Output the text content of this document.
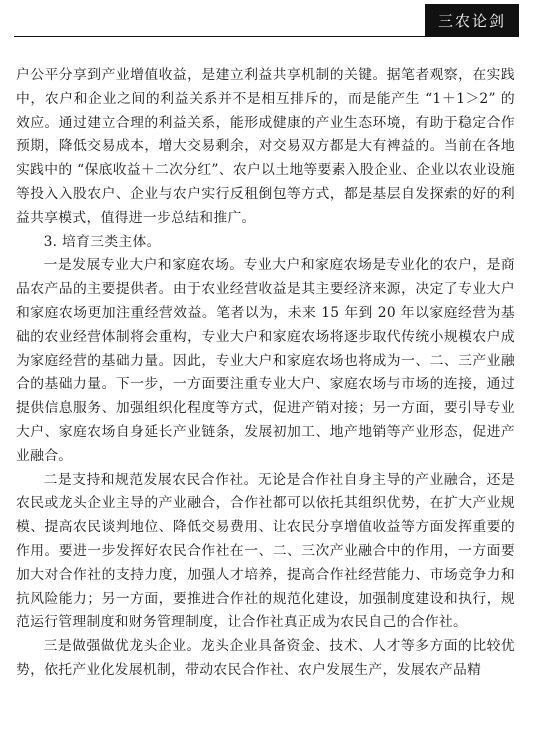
三农论剑

户公平分享到产业增值收益，是建立利益共享机制的关键。据笔者观察，在实践中，农户和企业之间的利益关系并不是相互排斥的，而是能产生 “1＋1＞2” 的效应。通过建立合理的利益关系，能形成健康的产业生态环境，有助于稳定合作预期，降低交易成本，增大交易剩余，对交易双方都是大有裨益的。当前在各地实践中的 “保底收益＋二次分红”、农户以土地等要素入股企业、企业以农业设施等投入入股农户、企业与农户实行反租倒包等方式，都是基层自发探索的好的利益共享模式，值得进一步总结和推广。

3. 培育三类主体。

一是发展专业大户和家庭农场。专业大户和家庭农场是专业化的农户，是商品农产品的主要提供者。由于农业经营收益是其主要经济来源，决定了专业大户和家庭农场更加注重经营效益。笔者以为，未来 15 年到 20 年以家庭经营为基础的农业经营体制将会重构，专业大户和家庭农场将逐步取代传统小规模农户成为家庭经营的基础力量。因此，专业大户和家庭农场也将成为一、二、三产业融合的基础力量。下一步，一方面要注重专业大户、家庭农场与市场的连接，通过提供信息服务、加强组织化程度等方式，促进产销对接；另一方面，要引导专业大户、家庭农场自身延长产业链条，发展初加工、地产地销等产业形态，促进产业融合。

二是支持和规范发展农民合作社。无论是合作社自身主导的产业融合，还是农民或龙头企业主导的产业融合，合作社都可以依托其组织优势，在扩大产业规模、提高农民谈判地位、降低交易费用、让农民分享增值收益等方面发挥重要的作用。要进一步发挥好农民合作社在一、二、三次产业融合中的作用，一方面要加大对合作社的支持力度，加强人才培养，提高合作社经营能力、市场竞争力和抗风险能力；另一方面，要推进合作社的规范化建设，加强制度建设和执行，规范运行管理制度和财务管理制度，让合作社真正成为农民自己的合作社。

三是做强做优龙头企业。龙头企业具备资金、技术、人才等多方面的比较优势，依托产业化发展机制，带动农民合作社、农户发展生产，发展农产品精
